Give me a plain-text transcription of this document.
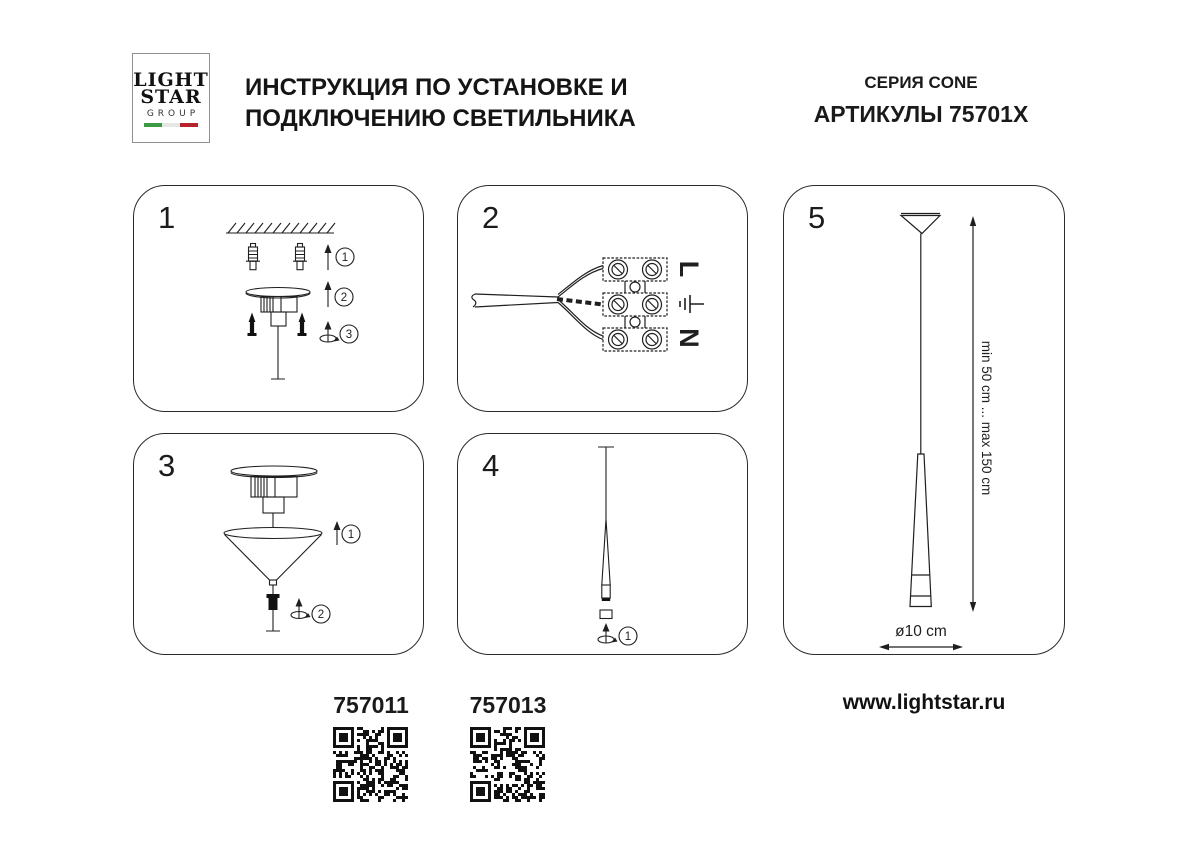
LIGHT
STAR
GROUP
ИНСТРУКЦИЯ ПО УСТАНОВКЕ И
ПОДКЛЮЧЕНИЮ СВЕТИЛЬНИКА
СЕРИЯ CONE
АРТИКУЛЫ 75701X
1
1
2
3
2
L
N
3
1
2
4
1
5
min 50 cm ... max 150 cm
ø10 cm
757011	757013	www.lightstar.ru
